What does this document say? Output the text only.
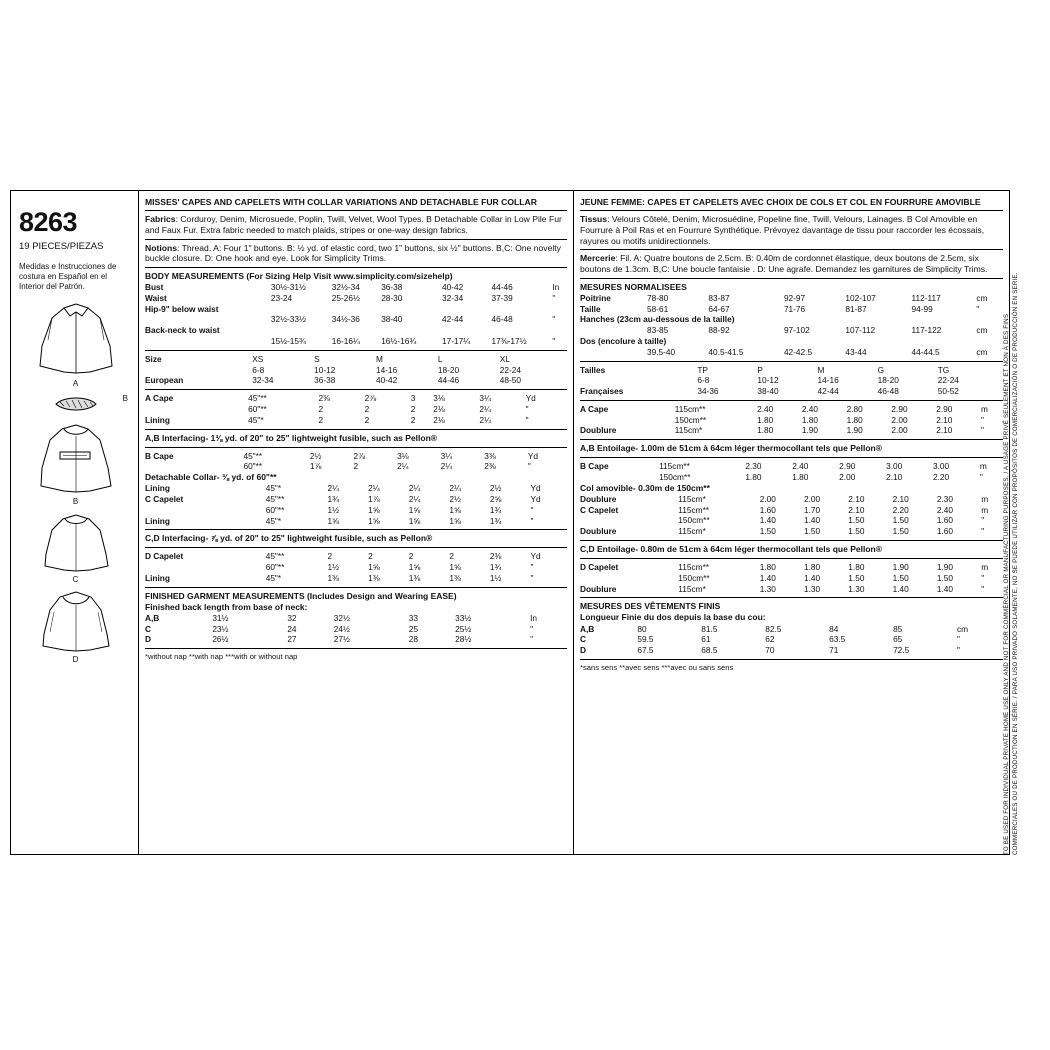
8263
19 PIECES/PIEZAS
Medidas e Instrucciones de costura en Español en el Interior del Patrón.
A
B
B
C
D
MISSES' CAPES AND CAPELETS WITH COLLAR VARIATIONS AND DETACHABLE FUR COLLAR
Fabrics: Corduroy, Denim, Microsuede, Poplin, Twill, Velvet, Wool Types. B Detachable Collar in Low Pile Fur and Faux Fur. Extra fabric needed to match plaids, stripes or one-way design fabrics.
Notions: Thread. A: Four 1" buttons. B: ½ yd. of elastic cord, two 1" buttons, six ½" buttons. B,C: One novelty buckle closure. D: One hook and eye. Look for Simplicity Trims.
BODY MEASUREMENTS (For Sizing Help Visit www.simplicity.com/sizehelp)
Bust	30½-31½	32½-34	36-38	40-42	44-46	In
Waist	23-24	25-26½	28-30	32-34	37-39	"
Hip-9" below waist						
	32½-33½	34½-36	38-40	42-44	46-48	"
Back-neck to waist						
	15½-15¾	16-16¼	16½-16¾	17-17¼	17⅜-17½	"
Size	XS	S	M	L	XL	
	6-8	10-12	14-16	18-20	22-24	
European	32-34	36-38	40-42	44-46	48-50	
A Cape	45"**	2⅜	2⅞	3	3⅛	3¼	Yd
	60"**	2	2	2	2⅛	2¼	"
Lining	45"*	2	2	2	2⅛	2¼	"
A,B Interfacing- 1⅜ yd. of 20" to 25" lightweight fusible, such as Pellon®
B Cape	45"**	2½	2⅞	3⅛	3¼	3⅜	Yd
	60"**	1⅞	2	2¼	2¼	2⅜	"
Detachable Collar- ⅜ yd. of 60"**
Lining	45"*	2¼	2¼	2¼	2¼	2½	Yd
C Capelet	45"**	1¾	1⅞	2¼	2½	2⅝	Yd
	60"**	1½	1⅝	1⅝	1⅝	1¾	"
Lining	45"*	1⅝	1⅝	1⅝	1⅝	1¾	"
C,D Interfacing- ⅞ yd. of 20" to 25" lightweight fusible, such as Pellon®
D Capelet	45"**	2	2	2	2	2⅜	Yd
	60"**	1½	1⅝	1⅝	1⅝	1¾	"
Lining	45"*	1⅜	1⅜	1⅜	1⅜	1½	"
FINISHED GARMENT MEASUREMENTS (Includes Design and Wearing EASE)
Finished back length from base of neck:
A,B	31½	32	32½	33	33½	In
C	23½	24	24½	25	25½	"
D	26½	27	27½	28	28½	"
*without nap **with nap ***with or without nap
JEUNE FEMME: CAPES ET CAPELETS AVEC CHOIX DE COLS ET COL EN FOURRURE AMOVIBLE
Tissus: Velours Côtelé, Denim, Microsuédine, Popeline fine, Twill, Velours, Lainages. B Col Amovible en Fourrure à Poil Ras et en Fourrure Synthétique. Prévoyez davantage de tissu pour raccorder les écossais, rayures ou motifs unidirectionnels.
Mercerie: Fil. A: Quatre boutons de 2.5cm. B: 0.40m de cordonnet élastique, deux boutons de 2.5cm, six boutons de 1.3cm. B,C: Une boucle fantaisie . D: Une agrafe. Demandez les garnitures de Simplicity Trims.
MESURES NORMALISEES
Poitrine	78-80	83-87	92-97	102-107	112-117	cm
Taille	58-61	64-67	71-76	81-87	94-99	"
Hanches (23cm au-dessous de la taille)						
	83-85	88-92	97-102	107-112	117-122	cm
Dos (encolure à taille)						
	39.5-40	40.5-41.5	42-42.5	43-44	44-44.5	cm
Tailles	TP	P	M	G	TG	
	6-8	10-12	14-16	18-20	22-24	
Françaises	34-36	38-40	42-44	46-48	50-52	
A Cape	115cm**	2.40	2.40	2.80	2.90	2.90	m
	150cm**	1.80	1.80	1.80	2.00	2.10	"
Doublure	115cm*	1.80	1.90	1.90	2.00	2.10	"
A,B Entoilage- 1.00m de 51cm à 64cm léger thermocollant tels que Pellon®
B Cape	115cm**	2.30	2.40	2.90	3.00	3.00	m
	150cm**	1.80	1.80	2.00	2.10	2.20	"
Col amovible- 0.30m de 150cm**
Doublure	115cm*	2.00	2.00	2.10	2.10	2.30	m
C Capelet	115cm**	1.60	1.70	2.10	2.20	2.40	m
	150cm**	1.40	1.40	1.50	1.50	1.60	"
Doublure	115cm*	1.50	1.50	1.50	1.50	1.60	"
C,D Entoilage- 0.80m de 51cm à 64cm léger thermocollant tels que Pellon®
D Capelet	115cm**	1.80	1.80	1.80	1.90	1.90	m
	150cm**	1.40	1.40	1.50	1.50	1.50	"
Doublure	115cm*	1.30	1.30	1.30	1.40	1.40	"
MESURES DES VÊTEMENTS FINIS
Longueur Finie du dos depuis la base du cou:
A,B	80	81.5	82.5	84	85	cm
C	59.5	61	62	63.5	65	"
D	67.5	68.5	70	71	72.5	"
*sans sens **avec sens ***avec ou sans sens	TO BE USED FOR INDIVIDUAL PRIVATE HOME USE ONLY AND NOT FOR COMMERCIAL OR MANUFACTURING PURPOSES. / A USAGE PRIVÉ SEULEMENT ET NON À DES FINS COMMERCIALES OU DE PRODUCTION EN SÉRIE. / PARA USO PRIVADO SOLAMENTE, NO SE PUEDE UTILIZAR CON PROPÓSITOS DE COMERCIALIZACIÓN O DE PRODUCCIÓN EN SERIE.
